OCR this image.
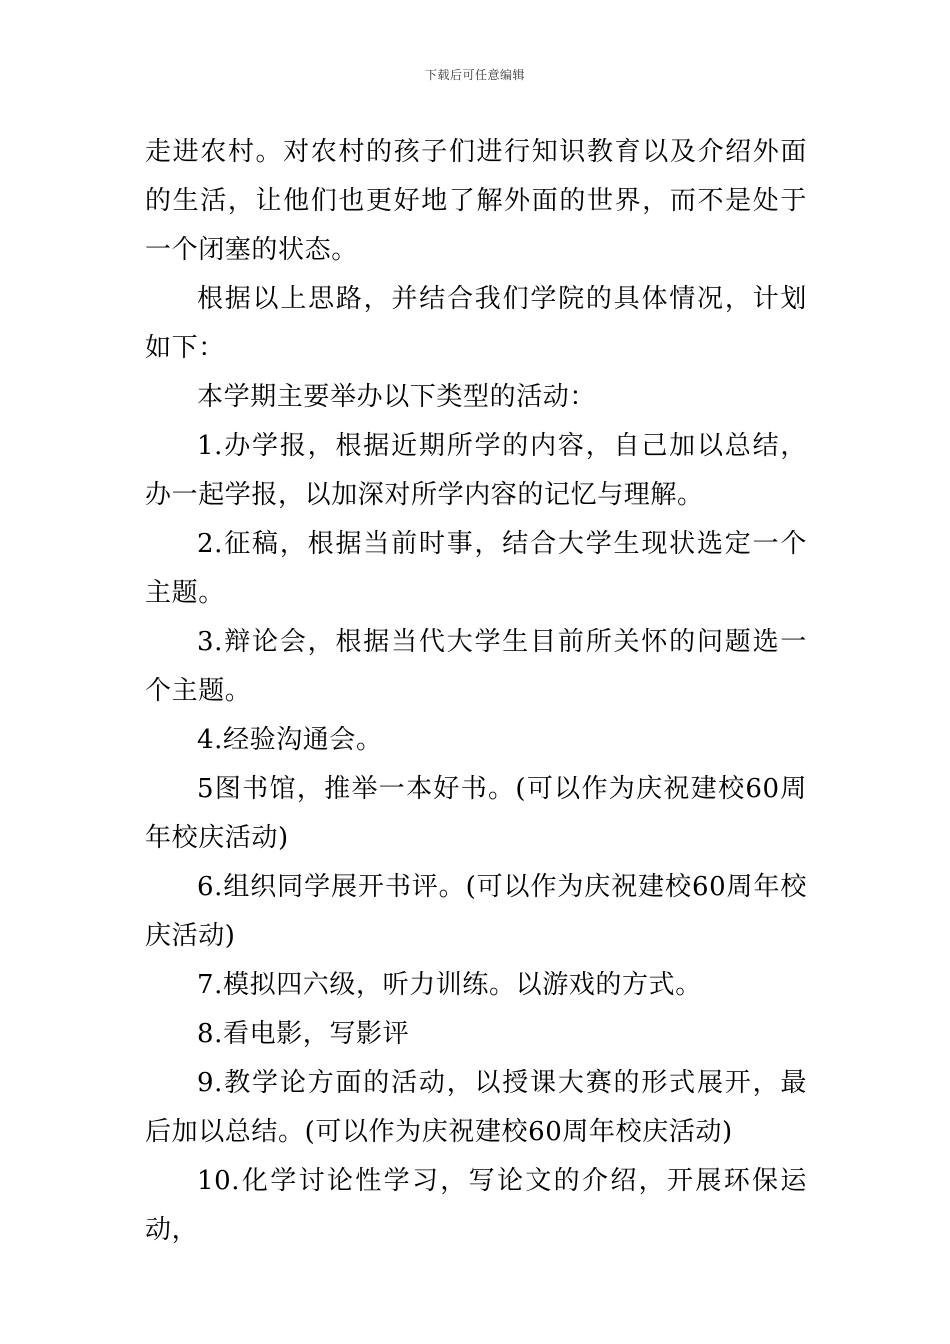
下载后可任意编辑

走进农村。对农村的孩子们进行知识教育以及介绍外面的生活，让他们也更好地了解外面的世界，而不是处于一个闭塞的状态。

根据以上思路，并结合我们学院的具体情况，计划如下：

本学期主要举办以下类型的活动：

1.办学报，根据近期所学的内容，自己加以总结，办一起学报，以加深对所学内容的记忆与理解。

2.征稿，根据当前时事，结合大学生现状选定一个主题。

3.辩论会，根据当代大学生目前所关怀的问题选一个主题。

4.经验沟通会。

5图书馆，推举一本好书。(可以作为庆祝建校60周年校庆活动)

6.组织同学展开书评。(可以作为庆祝建校60周年校庆活动)

7.模拟四六级，听力训练。以游戏的方式。

8.看电影，写影评

9.教学论方面的活动，以授课大赛的形式展开，最后加以总结。(可以作为庆祝建校60周年校庆活动)

10.化学讨论性学习，写论文的介绍，开展环保运动，
